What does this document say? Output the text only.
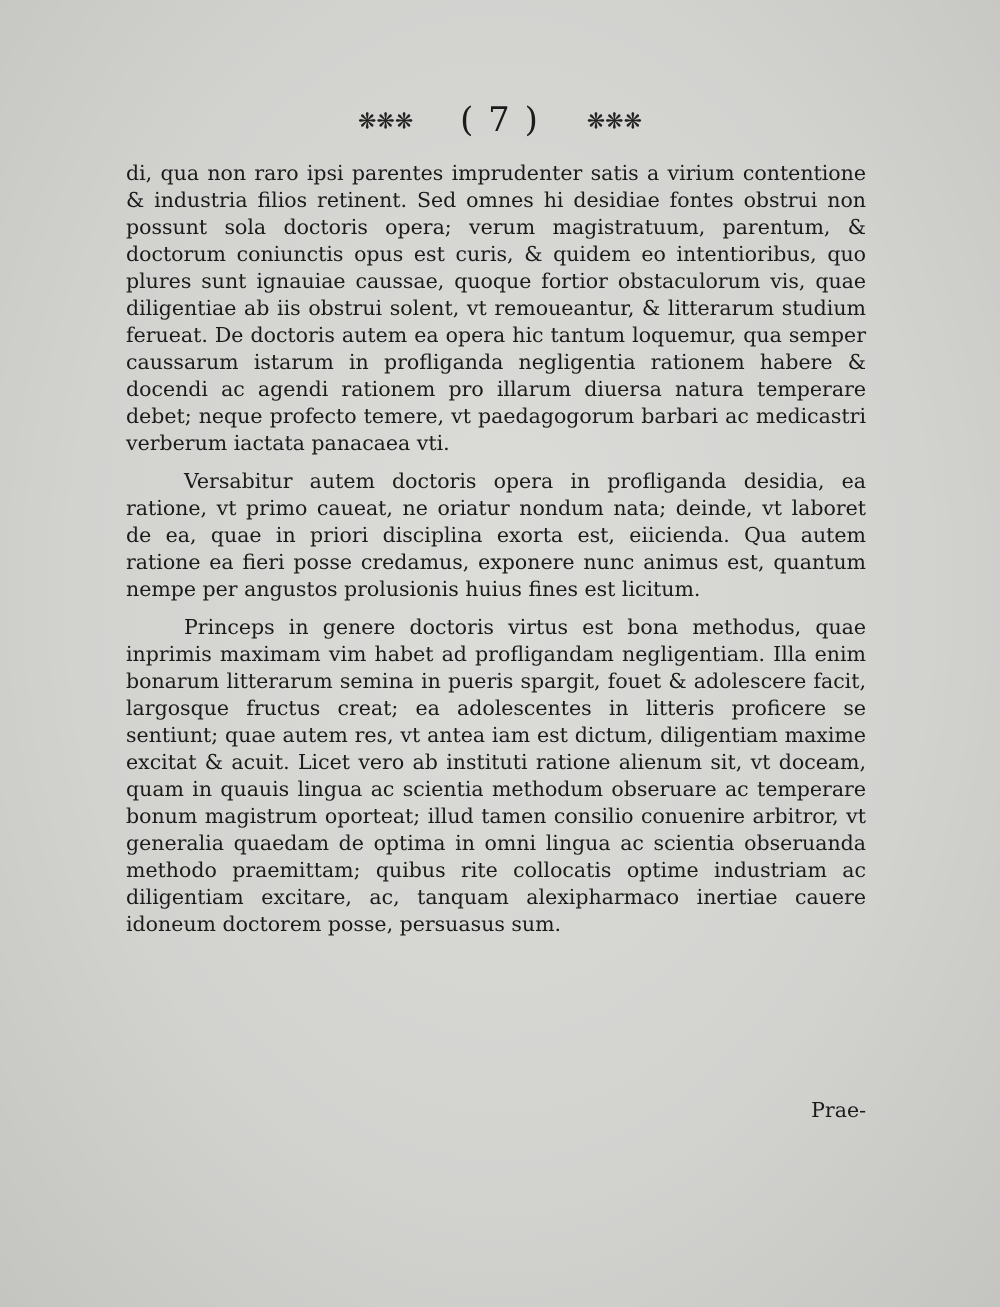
❋❋❋ ( 7 ) ❋❋❋

di, qua non raro ipsi parentes imprudenter satis a virium contentione & industria filios retinent. Sed omnes hi desidiae fontes obstrui non possunt sola doctoris opera; verum magistratuum, parentum, & doctorum coniunctis opus est curis, & quidem eo intentioribus, quo plures sunt ignauiae caussae, quoque fortior obstaculorum vis, quae diligentiae ab iis obstrui solent, vt remoueantur, & litterarum studium ferueat. De doctoris autem ea opera hic tantum loquemur, qua semper caussarum istarum in profliganda negligentia rationem habere & docendi ac agendi rationem pro illarum diuersa natura temperare debet; neque profecto temere, vt paedagogorum barbari ac medicastri verberum iactata panacaea vti.

Versabitur autem doctoris opera in profliganda desidia, ea ratione, vt primo caueat, ne oriatur nondum nata; deinde, vt laboret de ea, quae in priori disciplina exorta est, eiicienda. Qua autem ratione ea fieri posse credamus, exponere nunc animus est, quantum nempe per angustos prolusionis huius fines est licitum.

Princeps in genere doctoris virtus est bona methodus, quae inprimis maximam vim habet ad profligandam negligentiam. Illa enim bonarum litterarum semina in pueris spargit, fouet & adolescere facit, largosque fructus creat; ea adolescentes in litteris proficere se sentiunt; quae autem res, vt antea iam est dictum, diligentiam maxime excitat & acuit. Licet vero ab instituti ratione alienum sit, vt doceam, quam in quauis lingua ac scientia methodum obseruare ac temperare bonum magistrum oporteat; illud tamen consilio conuenire arbitror, vt generalia quaedam de optima in omni lingua ac scientia obseruanda methodo praemittam; quibus rite collocatis optime industriam ac diligentiam excitare, ac, tanquam alexipharmaco inertiae cauere idoneum doctorem posse, persuasus sum.

Prae-
